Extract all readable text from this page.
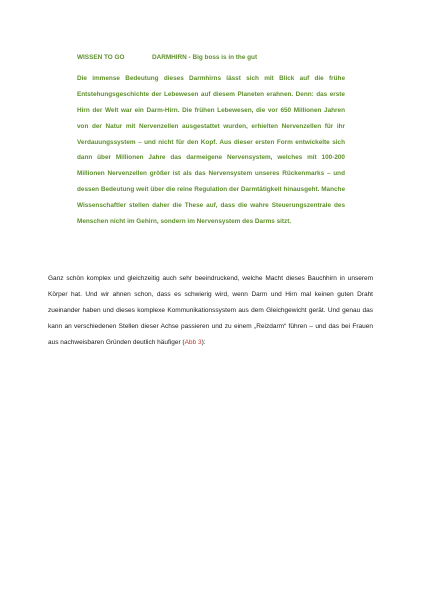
WISSEN TO GO	DARMHIRN - Big boss is in the gut
Die immense Bedeutung dieses Darmhirns lässt sich mit Blick auf die frühe Entstehungsgeschichte der Lebewesen auf diesem Planeten erahnen. Denn: das erste Hirn der Welt war ein Darm-Hirn. Die frühen Lebewesen, die vor 650 Millionen Jahren von der Natur mit Nervenzellen ausgestattet wurden, erhielten Nervenzellen für ihr Verdauungssystem – und nicht für den Kopf. Aus dieser ersten Form entwickelte sich dann über Millionen Jahre das darmeigene Nervensystem, welches mit 100-200 Millionen Nervenzellen größer ist als das Nervensystem unseres Rückenmarks – und dessen Bedeutung weit über die reine Regulation der Darmtätigkeit hinausgeht. Manche Wissenschaftler stellen daher die These auf, dass die wahre Steuerungszentrale des Menschen nicht im Gehirn, sondern im Nervensystem des Darms sitzt.

Ganz schön komplex und gleichzeitig auch sehr beeindruckend, welche Macht dieses Bauchhirn in unserem Körper hat. Und wir ahnen schon, dass es schwierig wird, wenn Darm und Hirn mal keinen guten Draht zueinander haben und dieses komplexe Kommunikationssystem aus dem Gleichgewicht gerät. Und genau das kann an verschiedenen Stellen dieser Achse passieren und zu einem „Reizdarm“ führen – und das bei Frauen aus nachweisbaren Gründen deutlich häufiger (Abb 3):
